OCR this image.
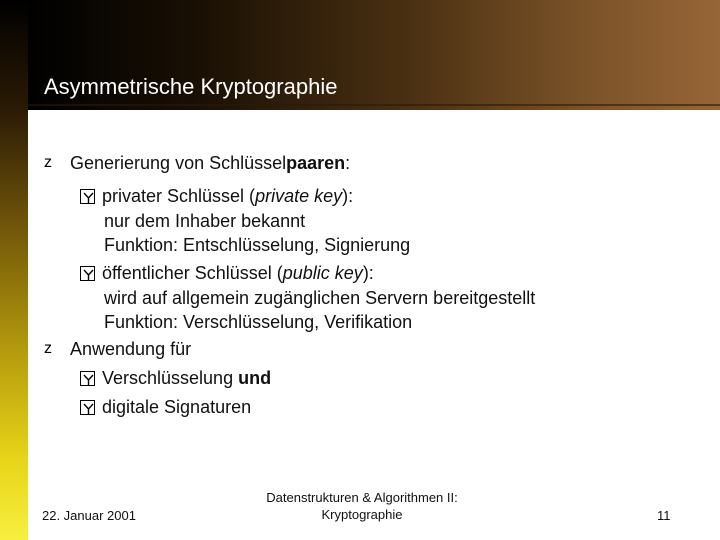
Asymmetrische Kryptographie
z Generierung von Schlüsselpaaren:
privater Schlüssel (private key):
nur dem Inhaber bekannt
Funktion: Entschlüsselung, Signierung
öffentlicher Schlüssel (public key):
wird auf allgemein zugänglichen Servern bereitgestellt
Funktion: Verschlüsselung, Verifikation
z Anwendung für
Verschlüsselung und
digitale Signaturen
22. Januar 2001
Datenstrukturen & Algorithmen II:
Kryptographie	11
